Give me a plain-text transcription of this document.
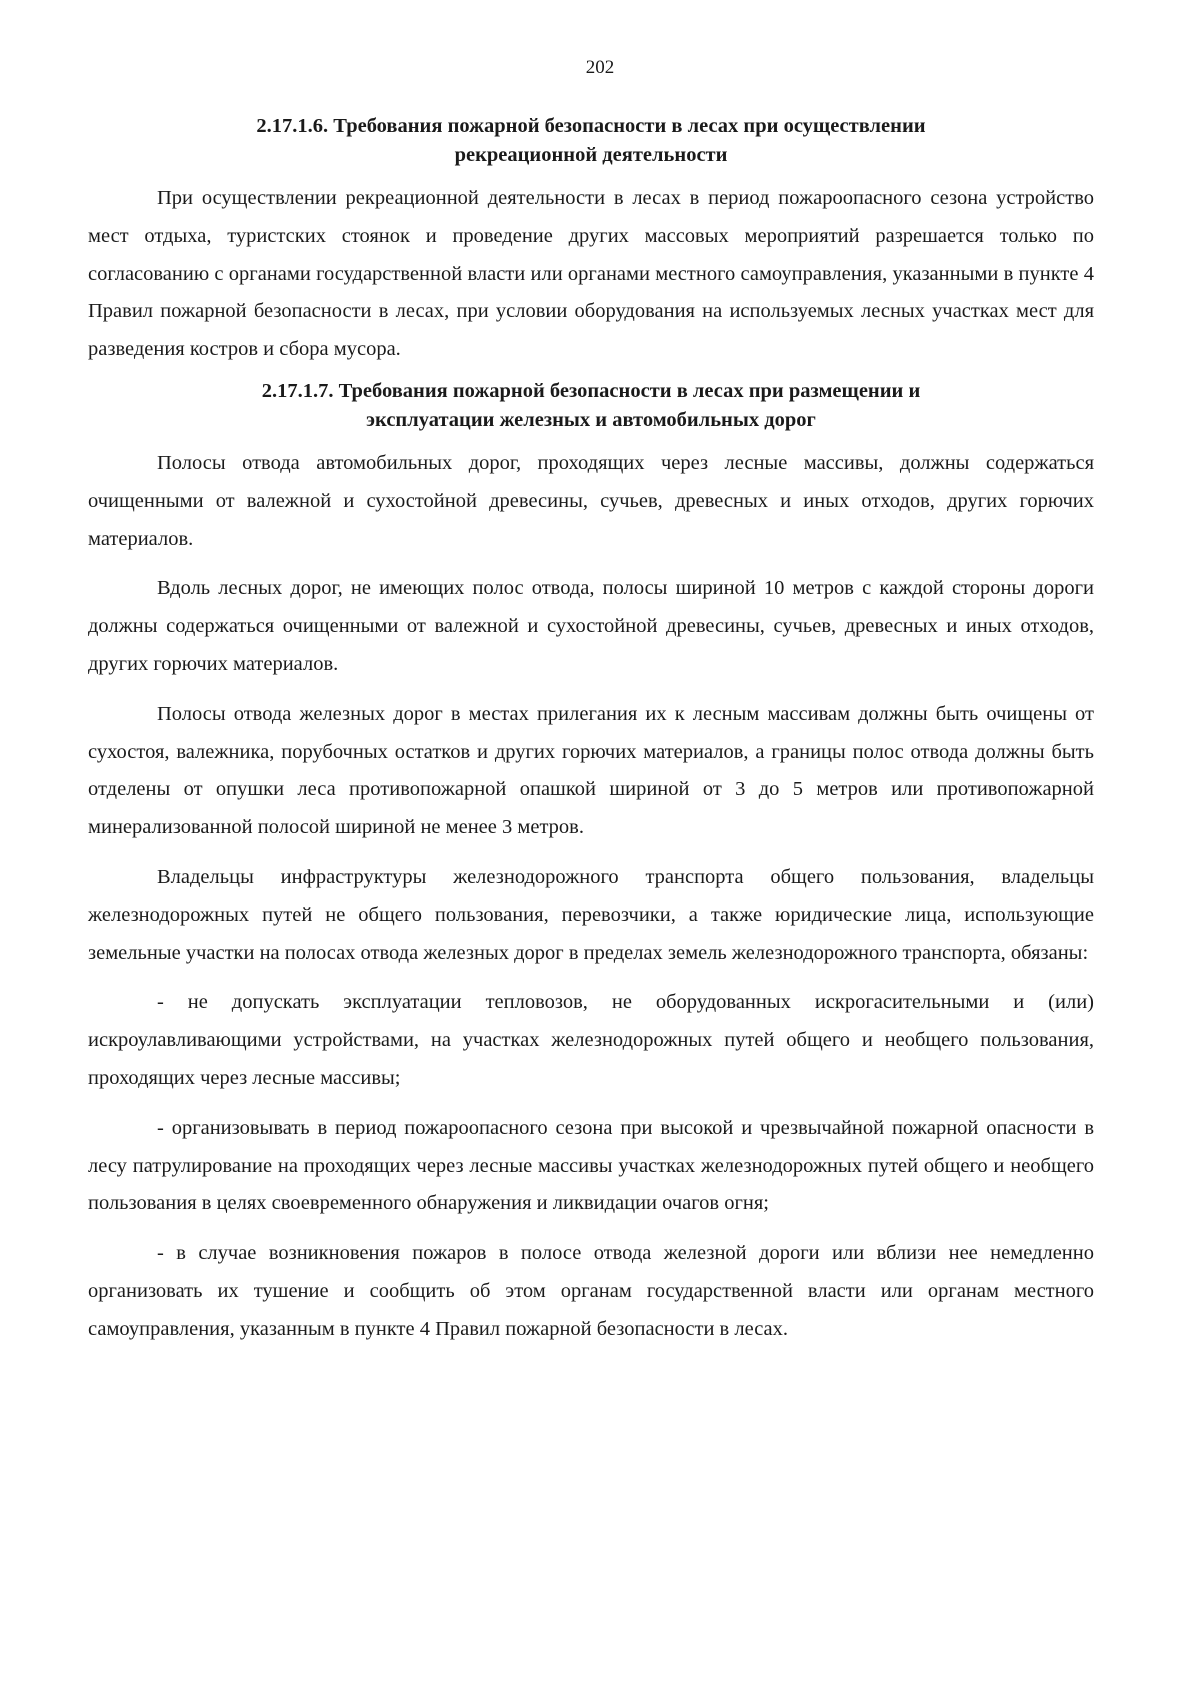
202
2.17.1.6. Требования пожарной безопасности в лесах при осуществлении
рекреационной деятельности

При осуществлении рекреационной деятельности в лесах в период пожароопасного сезона устройство мест отдыха, туристских стоянок и проведение других массовых мероприятий разрешается только по согласованию с органами государственной власти или органами местного самоуправления, указанными в пункте 4 Правил пожарной безопасности в лесах, при условии оборудования на используемых лесных участках мест для разведения костров и сбора мусора.

2.17.1.7. Требования пожарной безопасности в лесах при размещении и
эксплуатации железных и автомобильных дорог

Полосы отвода автомобильных дорог, проходящих через лесные массивы, должны содержаться очищенными от валежной и сухостойной древесины, сучьев, древесных и иных отходов, других горючих материалов.

Вдоль лесных дорог, не имеющих полос отвода, полосы шириной 10 метров с каждой стороны дороги должны содержаться очищенными от валежной и сухостойной древесины, сучьев, древесных и иных отходов, других горючих материалов.

Полосы отвода железных дорог в местах прилегания их к лесным массивам должны быть очищены от сухостоя, валежника, порубочных остатков и других горючих материалов, а границы полос отвода должны быть отделены от опушки леса противопожарной опашкой шириной от 3 до 5 метров или противопожарной минерализованной полосой шириной не менее 3 метров.

Владельцы инфраструктуры железнодорожного транспорта общего пользования, владельцы железнодорожных путей не общего пользования, перевозчики, а также юридические лица, использующие земельные участки на полосах отвода железных дорог в пределах земель железнодорожного транспорта, обязаны:

- не допускать эксплуатации тепловозов, не оборудованных искрогасительными и (или) искроулавливающими устройствами, на участках железнодорожных путей общего и необщего пользования, проходящих через лесные массивы;

- организовывать в период пожароопасного сезона при высокой и чрезвычайной пожарной опасности в лесу патрулирование на проходящих через лесные массивы участках железнодорожных путей общего и необщего пользования в целях своевременного обнаружения и ликвидации очагов огня;

- в случае возникновения пожаров в полосе отвода железной дороги или вблизи нее немедленно организовать их тушение и сообщить об этом органам государственной власти или органам местного самоуправления, указанным в пункте 4 Правил пожарной безопасности в лесах.
